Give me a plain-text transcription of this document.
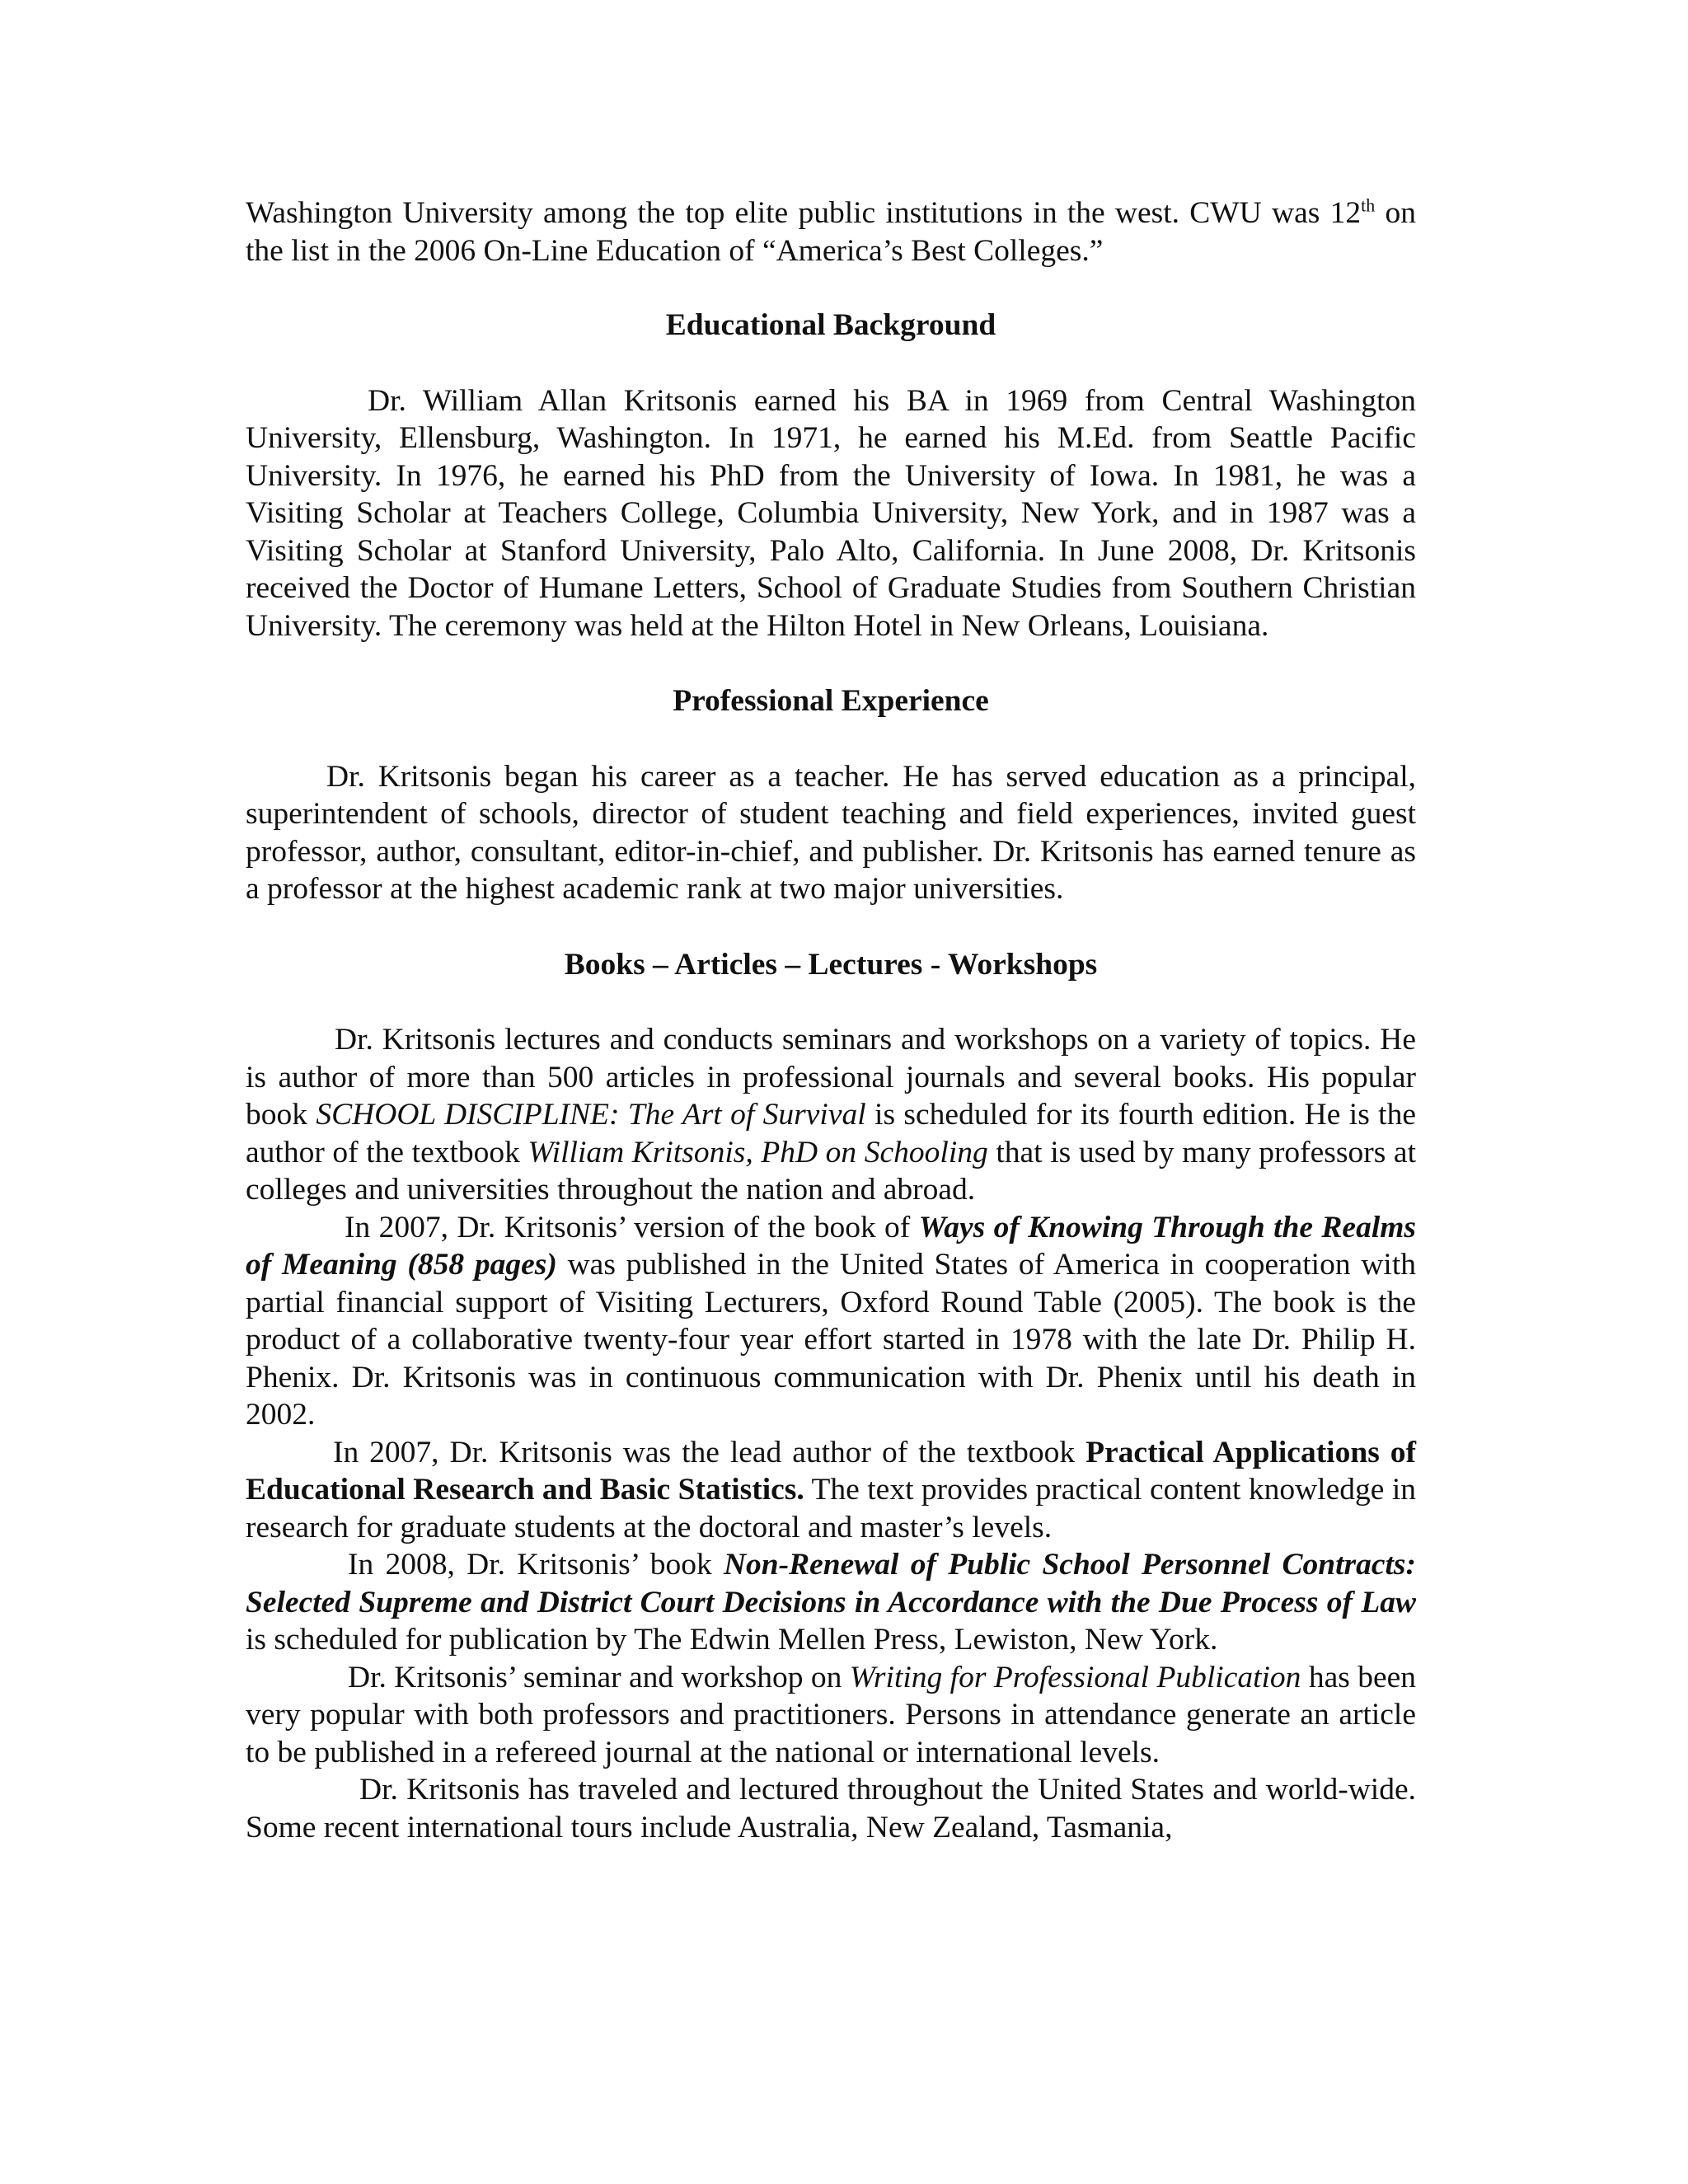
Washington University among the top elite public institutions in the west. CWU was 12th on the list in the 2006 On-Line Education of “America’s Best Colleges.”

Educational Background

Dr. William Allan Kritsonis earned his BA in 1969 from Central Washington University, Ellensburg, Washington. In 1971, he earned his M.Ed. from Seattle Pacific University. In 1976, he earned his PhD from the University of Iowa. In 1981, he was a Visiting Scholar at Teachers College, Columbia University, New York, and in 1987 was a Visiting Scholar at Stanford University, Palo Alto, California. In June 2008, Dr. Kritsonis received the Doctor of Humane Letters, School of Graduate Studies from Southern Christian University. The ceremony was held at the Hilton Hotel in New Orleans, Louisiana.

Professional Experience

Dr. Kritsonis began his career as a teacher. He has served education as a principal, superintendent of schools, director of student teaching and field experiences, invited guest professor, author, consultant, editor-in-chief, and publisher. Dr. Kritsonis has earned tenure as a professor at the highest academic rank at two major universities.

Books – Articles – Lectures - Workshops

Dr. Kritsonis lectures and conducts seminars and workshops on a variety of topics. He is author of more than 500 articles in professional journals and several books. His popular book SCHOOL DISCIPLINE: The Art of Survival is scheduled for its fourth edition. He is the author of the textbook William Kritsonis, PhD on Schooling that is used by many professors at colleges and universities throughout the nation and abroad.

In 2007, Dr. Kritsonis’ version of the book of Ways of Knowing Through the Realms of Meaning (858 pages) was published in the United States of America in cooperation with partial financial support of Visiting Lecturers, Oxford Round Table (2005). The book is the product of a collaborative twenty-four year effort started in 1978 with the late Dr. Philip H. Phenix. Dr. Kritsonis was in continuous communication with Dr. Phenix until his death in 2002.

In 2007, Dr. Kritsonis was the lead author of the textbook Practical Applications of Educational Research and Basic Statistics. The text provides practical content knowledge in research for graduate students at the doctoral and master’s levels.

In 2008, Dr. Kritsonis’ book Non-Renewal of Public School Personnel Contracts: Selected Supreme and District Court Decisions in Accordance with the Due Process of Law is scheduled for publication by The Edwin Mellen Press, Lewiston, New York.

Dr. Kritsonis’ seminar and workshop on Writing for Professional Publication has been very popular with both professors and practitioners. Persons in attendance generate an article to be published in a refereed journal at the national or international levels.

Dr. Kritsonis has traveled and lectured throughout the United States and world-wide. Some recent international tours include Australia, New Zealand, Tasmania,
